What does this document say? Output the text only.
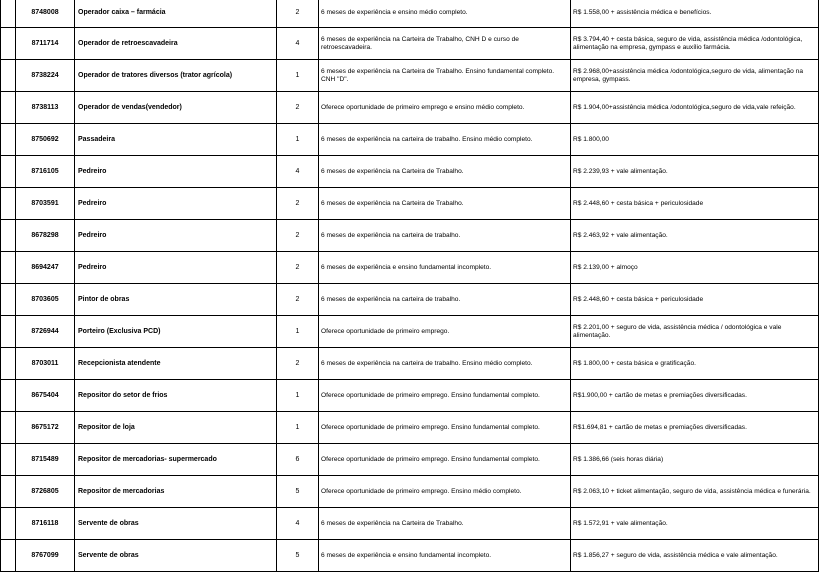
	8748008	Operador caixa – farmácia	2	6 meses de experiência e ensino médio completo.	R$ 1.558,00 + assistência médica e benefícios.
	8711714	Operador de retroescavadeira	4	6 meses de experiência na Carteira de Trabalho, CNH D e curso de retroescavadeira.	R$ 3.794,40 + cesta básica, seguro de vida, assistência médica /odontológica, alimentação na empresa, gympass e auxílio farmácia.
	8738224	Operador de tratores diversos (trator agrícola)	1	6 meses de experiência na Carteira de Trabalho. Ensino fundamental completo. CNH "D".	R$ 2.968,00+assistência médica /odontológica,seguro de vida, alimentação na empresa, gympass.
	8738113	Operador de vendas(vendedor)	2	Oferece oportunidade de primeiro emprego e ensino médio completo.	R$ 1.904,00+assistência médica /odontológica,seguro de vida,vale refeição.
	8750692	Passadeira	1	6 meses de experiência na carteira de trabalho. Ensino médio completo.	R$ 1.800,00
	8716105	Pedreiro	4	6 meses de experiência na Carteira de Trabalho.	R$ 2.239,93 + vale alimentação.
	8703591	Pedreiro	2	6 meses de experiência na Carteira de Trabalho.	R$ 2.448,60 + cesta básica + periculosidade
	8678298	Pedreiro	2	6 meses de experiência na carteira de trabalho.	R$ 2.463,92 + vale alimentação.
	8694247	Pedreiro	2	6 meses de experiência e ensino fundamental incompleto.	R$ 2.139,00 + almoço
	8703605	Pintor de obras	2	6 meses de experiência na carteira de trabalho.	R$ 2.448,60 + cesta básica + periculosidade
	8726944	Porteiro (Exclusiva PCD)	1	Oferece oportunidade de primeiro emprego.	R$ 2.201,00 + seguro de vida, assistência médica / odontológica e vale alimentação.
	8703011	Recepcionista atendente	2	6 meses de experiência na carteira de trabalho. Ensino médio completo.	R$ 1.800,00 + cesta básica e gratificação.
	8675404	Repositor do setor de frios	1	Oferece oportunidade de primeiro emprego. Ensino fundamental completo.	R$1.900,00 + cartão de metas e premiações diversificadas.
	8675172	Repositor de loja	1	Oferece oportunidade de primeiro emprego. Ensino fundamental completo.	R$1.694,81 + cartão de metas e premiações diversificadas.
	8715489	Repositor de mercadorias- supermercado	6	Oferece oportunidade de primeiro emprego. Ensino fundamental completo.	R$ 1.386,66 (seis horas diária)
	8726805	Repositor de mercadorias	5	Oferece oportunidade de primeiro emprego. Ensino médio completo.	R$ 2.063,10 + ticket alimentação, seguro de vida, assistência médica e funerária.
	8716118	Servente de obras	4	6 meses de experiência na Carteira de Trabalho.	R$ 1.572,91 + vale alimentação.
	8767099	Servente de obras	5	6 meses de experiência e ensino fundamental incompleto.	R$ 1.856,27 + seguro de vida, assistência médica e vale alimentação.
